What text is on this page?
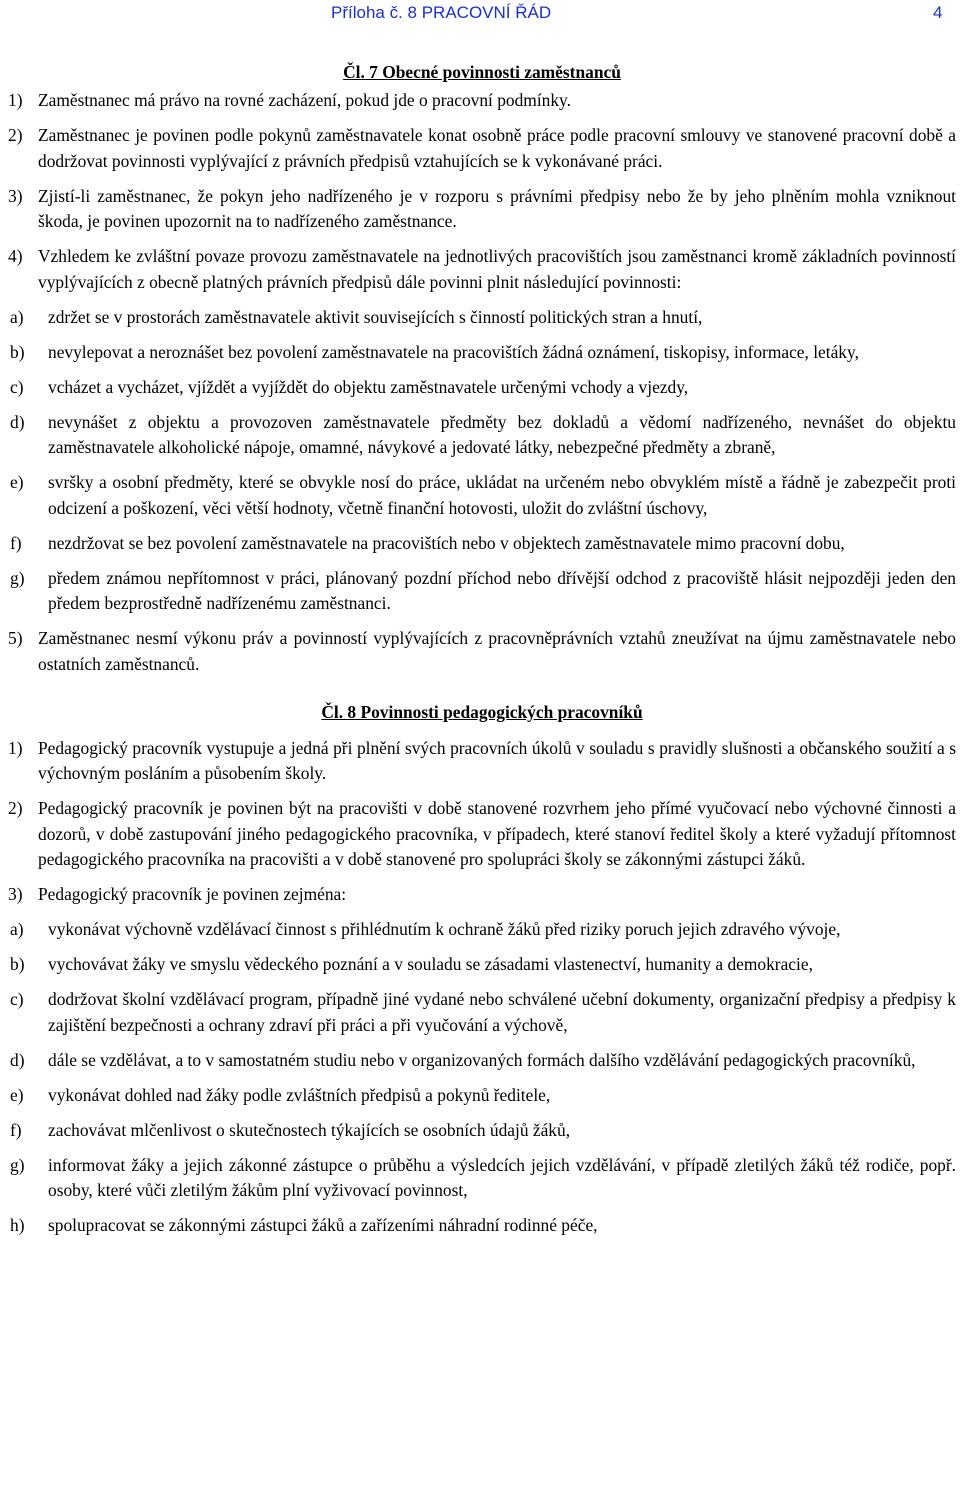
Příloha č. 8 PRACOVNÍ ŘÁD	4
Čl. 7 Obecné povinnosti zaměstnanců
1) Zaměstnanec má právo na rovné zacházení, pokud jde o pracovní podmínky.
2) Zaměstnanec je povinen podle pokynů zaměstnavatele konat osobně práce podle pracovní smlouvy ve stanovené pracovní době a dodržovat povinnosti vyplývající z právních předpisů vztahujících se k vykonávané práci.
3) Zjistí-li zaměstnanec, že pokyn jeho nadřízeného je v rozporu s právními předpisy nebo že by jeho plněním mohla vzniknout škoda, je povinen upozornit na to nadřízeného zaměstnance.
4) Vzhledem ke zvláštní povaze provozu zaměstnavatele na jednotlivých pracovištích jsou zaměstnanci kromě základních povinností vyplývajících z obecně platných právních předpisů dále povinni plnit následující povinnosti:
a)	zdržet se v prostorách zaměstnavatele aktivit souvisejících s činností politických stran a hnutí,
b)	nevylepovat a neroznášet bez povolení zaměstnavatele na pracovištích žádná oznámení, tiskopisy, informace, letáky,
c)	vcházet a vycházet, vjíždět a vyjíždět do objektu zaměstnavatele určenými vchody a vjezdy,
d)	nevynášet z objektu a provozoven zaměstnavatele předměty bez dokladů a vědomí nadřízeného, nevnášet do objektu zaměstnavatele alkoholické nápoje, omamné, návykové a jedovaté látky, nebezpečné předměty a zbraně,
e)	svršky a osobní předměty, které se obvykle nosí do práce, ukládat na určeném nebo obvyklém místě a řádně je zabezpečit proti odcizení a poškození, věci větší hodnoty, včetně finanční hotovosti, uložit do zvláštní úschovy,
f)	nezdržovat se bez povolení zaměstnavatele na pracovištích nebo v objektech zaměstnavatele mimo pracovní dobu,
g)	předem známou nepřítomnost v práci, plánovaný pozdní příchod nebo dřívější odchod z pracoviště hlásit nejpozději jeden den předem bezprostředně nadřízenému zaměstnanci.
5) Zaměstnanec nesmí výkonu práv a povinností vyplývajících z pracovněprávních vztahů zneužívat na újmu zaměstnavatele nebo ostatních zaměstnanců.
Čl. 8 Povinnosti pedagogických pracovníků
1) Pedagogický pracovník vystupuje a jedná při plnění svých pracovních úkolů v souladu s pravidly slušnosti a občanského soužití a s výchovným posláním a působením školy.
2) Pedagogický pracovník je povinen být na pracovišti v době stanovené rozvrhem jeho přímé vyučovací nebo výchovné činnosti a dozorů, v době zastupování jiného pedagogického pracovníka, v případech, které stanoví ředitel školy a které vyžadují přítomnost pedagogického pracovníka na pracovišti a v době stanovené pro spolupráci školy se zákonnými zástupci žáků.
3) Pedagogický pracovník je povinen zejména:
a)	vykonávat výchovně vzdělávací činnost s přihlédnutím k ochraně žáků před riziky poruch jejich zdravého vývoje,
b)	vychovávat žáky ve smyslu vědeckého poznání a v souladu se zásadami vlastenectví, humanity a demokracie,
c)	dodržovat školní vzdělávací program, případně jiné vydané nebo schválené učební dokumenty, organizační předpisy a předpisy k zajištění bezpečnosti a ochrany zdraví při práci a při vyučování a výchově,
d)	dále se vzdělávat, a to v samostatném studiu nebo v organizovaných formách dalšího vzdělávání pedagogických pracovníků,
e)	vykonávat dohled nad žáky podle zvláštních předpisů a pokynů ředitele,
f)	zachovávat mlčenlivost o skutečnostech týkajících se osobních údajů žáků,
g)	informovat žáky a jejich zákonné zástupce o průběhu a výsledcích jejich vzdělávání, v případě zletilých žáků též rodiče, popř. osoby, které vůči zletilým žákům plní vyživovací povinnost,
h)	spolupracovat se zákonnými zástupci žáků a zařízeními náhradní rodinné péče,
